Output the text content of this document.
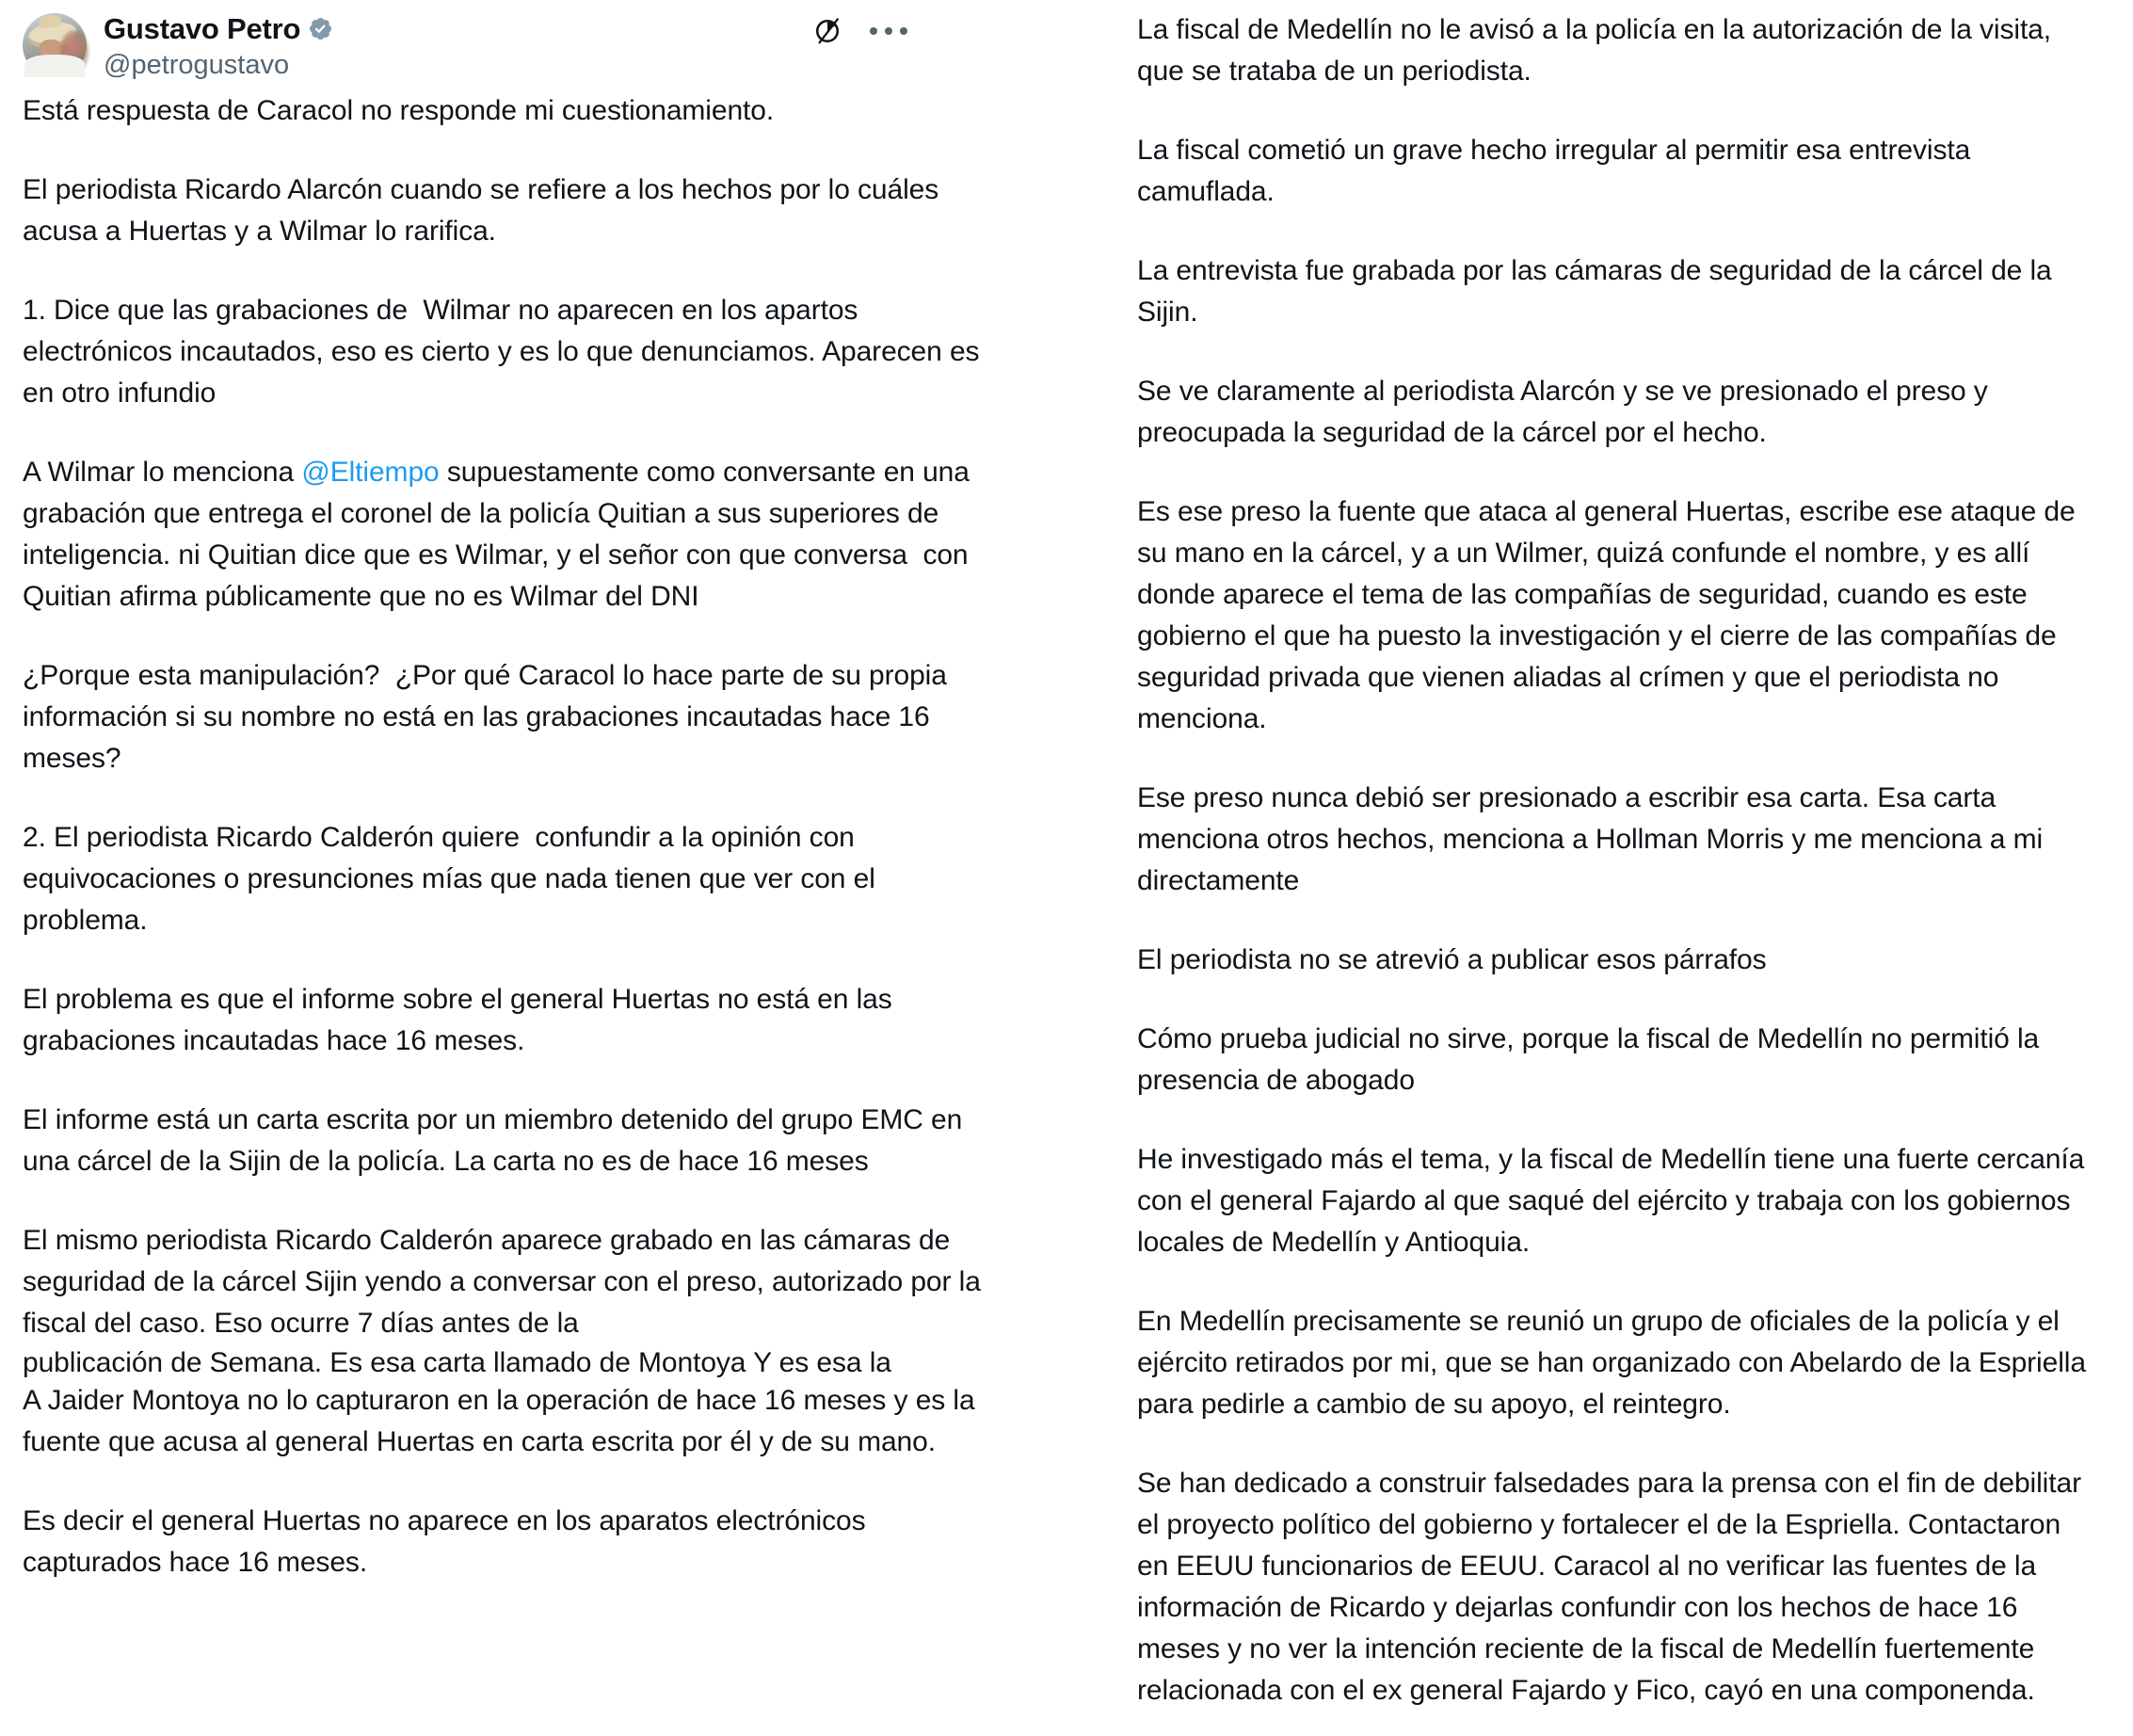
Gustavo Petro
@petrogustavo

Está respuesta de Caracol no responde mi cuestionamiento.

El periodista Ricardo Alarcón cuando se refiere a los hechos por lo cuáles acusa a Huertas y a Wilmar lo rarifica.

1. Dice que las grabaciones de  Wilmar no aparecen en los apartos electrónicos incautados, eso es cierto y es lo que denunciamos. Aparecen es en otro infundio

A Wilmar lo menciona @Eltiempo supuestamente como conversante en una grabación que entrega el coronel de la policía Quitian a sus superiores de inteligencia. ni Quitian dice que es Wilmar, y el señor con que conversa  con Quitian afirma públicamente que no es Wilmar del DNI

¿Porque esta manipulación?  ¿Por qué Caracol lo hace parte de su propia información si su nombre no está en las grabaciones incautadas hace 16 meses?

2. El periodista Ricardo Calderón quiere  confundir a la opinión con equivocaciones o presunciones mías que nada tienen que ver con el problema.

El problema es que el informe sobre el general Huertas no está en las grabaciones incautadas hace 16 meses.

El informe está un carta escrita por un miembro detenido del grupo EMC en una cárcel de la Sijin de la policía. La carta no es de hace 16 meses

El mismo periodista Ricardo Calderón aparece grabado en las cámaras de seguridad de la cárcel Sijin yendo a conversar con el preso, autorizado por la fiscal del caso. Eso ocurre 7 días antes de la

publicación de Semana. Es esa carta llamado de Montoya Y es esa la

A Jaider Montoya no lo capturaron en la operación de hace 16 meses y es la fuente que acusa al general Huertas en carta escrita por él y de su mano.

Es decir el general Huertas no aparece en los aparatos electrónicos capturados hace 16 meses.

La fiscal de Medellín no le avisó a la policía en la autorización de la visita, que se trataba de un periodista.

La fiscal cometió un grave hecho irregular al permitir esa entrevista camuflada.

La entrevista fue grabada por las cámaras de seguridad de la cárcel de la Sijin.

Se ve claramente al periodista Alarcón y se ve presionado el preso y preocupada la seguridad de la cárcel por el hecho.

Es ese preso la fuente que ataca al general Huertas, escribe ese ataque de su mano en la cárcel, y a un Wilmer, quizá confunde el nombre, y es allí donde aparece el tema de las compañías de seguridad, cuando es este gobierno el que ha puesto la investigación y el cierre de las compañías de seguridad privada que vienen aliadas al crímen y que el periodista no menciona.

Ese preso nunca debió ser presionado a escribir esa carta. Esa carta menciona otros hechos, menciona a Hollman Morris y me menciona a mi directamente

El periodista no se atrevió a publicar esos párrafos

Cómo prueba judicial no sirve, porque la fiscal de Medellín no permitió la presencia de abogado

He investigado más el tema, y la fiscal de Medellín tiene una fuerte cercanía con el general Fajardo al que saqué del ejército y trabaja con los gobiernos locales de Medellín y Antioquia.

En Medellín precisamente se reunió un grupo de oficiales de la policía y el ejército retirados por mi, que se han organizado con Abelardo de la Espriella para pedirle a cambio de su apoyo, el reintegro.

Se han dedicado a construir falsedades para la prensa con el fin de debilitar el proyecto político del gobierno y fortalecer el de la Espriella. Contactaron en EEUU funcionarios de EEUU. Caracol al no verificar las fuentes de la información de Ricardo y dejarlas confundir con los hechos de hace 16 meses y no ver la intención reciente de la fiscal de Medellín fuertemente relacionada con el ex general Fajardo y Fico, cayó en una componenda.
